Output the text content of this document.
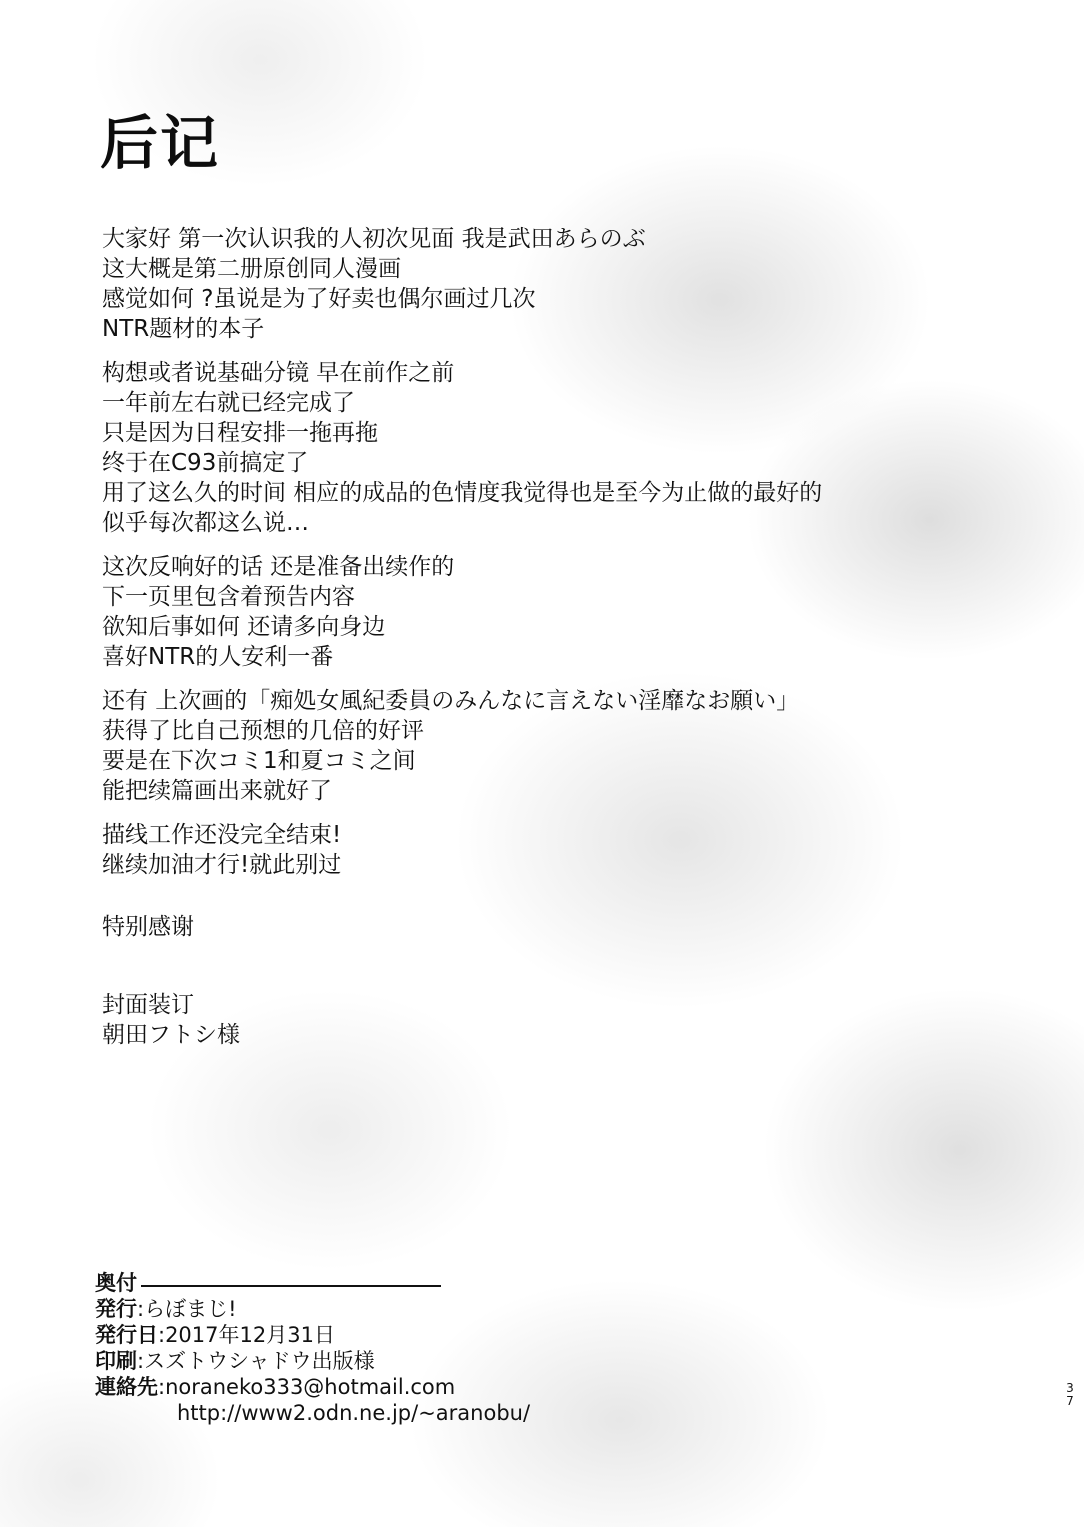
后记
大家好 第一次认识我的人初次见面 我是武田あらのぶ
这大概是第二册原创同人漫画
感觉如何 ?虽说是为了好卖也偶尔画过几次
NTR题材的本子
构想或者说基础分镜 早在前作之前
一年前左右就已经完成了
只是因为日程安排一拖再拖
终于在C93前搞定了
用了这么久的时间 相应的成品的色情度我觉得也是至今为止做的最好的
似乎每次都这么说…
这次反响好的话 还是准备出续作的
下一页里包含着预告内容
欲知后事如何 还请多向身边
喜好NTR的人安利一番
还有 上次画的「痴処女風紀委員のみんなに言えない淫靡なお願い」
获得了比自己预想的几倍的好评
要是在下次コミ1和夏コミ之间
能把续篇画出来就好了
描线工作还没完全结束!
继续加油才行!就此别过
特别感谢
封面装订
朝田フトシ様
奥付
発行:らぼまじ!
発行日:2017年12月31日
印刷:スズトウシャドウ出版様
連絡先:noraneko333@hotmail.com
http://www2.odn.ne.jp/~aranobu/
3
7
